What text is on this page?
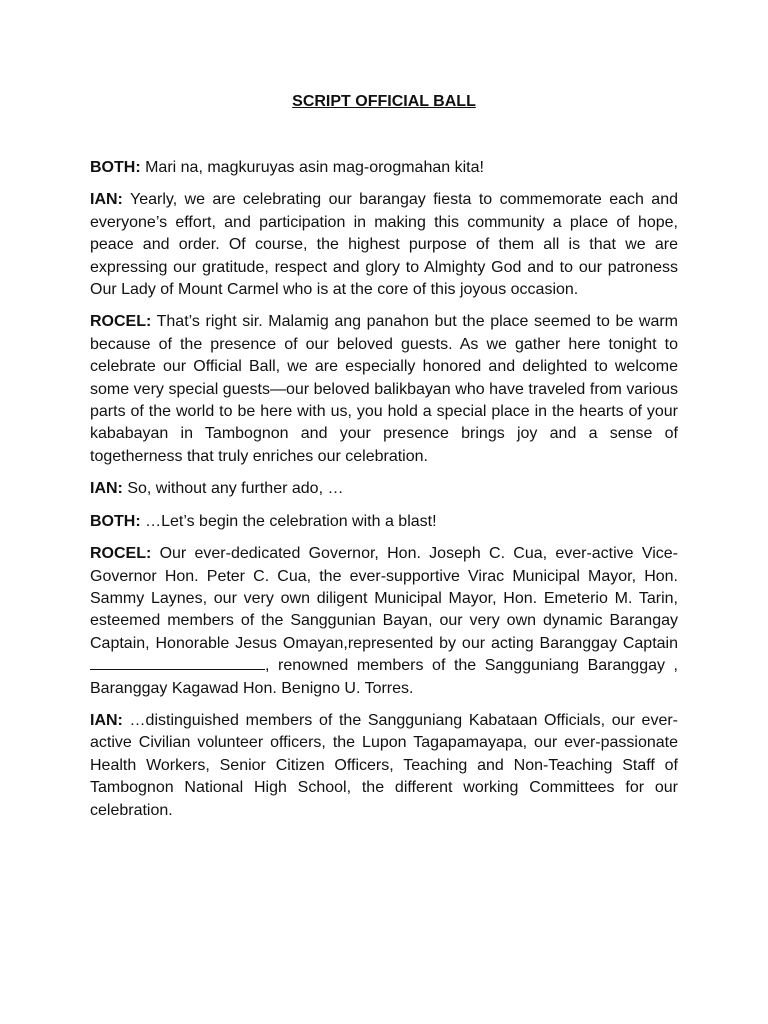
SCRIPT OFFICIAL BALL

BOTH: Mari na, magkuruyas asin mag-orogmahan kita!

IAN: Yearly, we are celebrating our barangay fiesta to commemorate each and everyone’s effort, and participation in making this community a place of hope, peace and order. Of course, the highest purpose of them all is that we are expressing our gratitude, respect and glory to Almighty God and to our patroness Our Lady of Mount Carmel who is at the core of this joyous occasion.

ROCEL: That’s right sir. Malamig ang panahon but the place seemed to be warm because of the presence of our beloved guests. As we gather here tonight to celebrate our Official Ball, we are especially honored and delighted to welcome some very special guests—our beloved balikbayan who have traveled from various parts of the world to be here with us, you hold a special place in the hearts of your kababayan in Tambognon and your presence brings joy and a sense of togetherness that truly enriches our celebration.

IAN: So, without any further ado, …

BOTH: …Let’s begin the celebration with a blast!

ROCEL: Our ever-dedicated Governor, Hon. Joseph C. Cua, ever-active Vice-Governor Hon. Peter C. Cua, the ever-supportive Virac Municipal Mayor, Hon. Sammy Laynes, our very own diligent Municipal Mayor, Hon. Emeterio M. Tarin, esteemed members of the Sanggunian Bayan, our very own dynamic Barangay Captain, Honorable Jesus Omayan,represented by our acting Baranggay Captain , renowned members of the Sangguniang Baranggay , Baranggay Kagawad Hon. Benigno U. Torres.

IAN: …distinguished members of the Sangguniang Kabataan Officials, our ever-active Civilian volunteer officers, the Lupon Tagapamayapa, our ever-passionate Health Workers, Senior Citizen Officers, Teaching and Non-Teaching Staff of Tambognon National High School, the different working Committees for our celebration.
